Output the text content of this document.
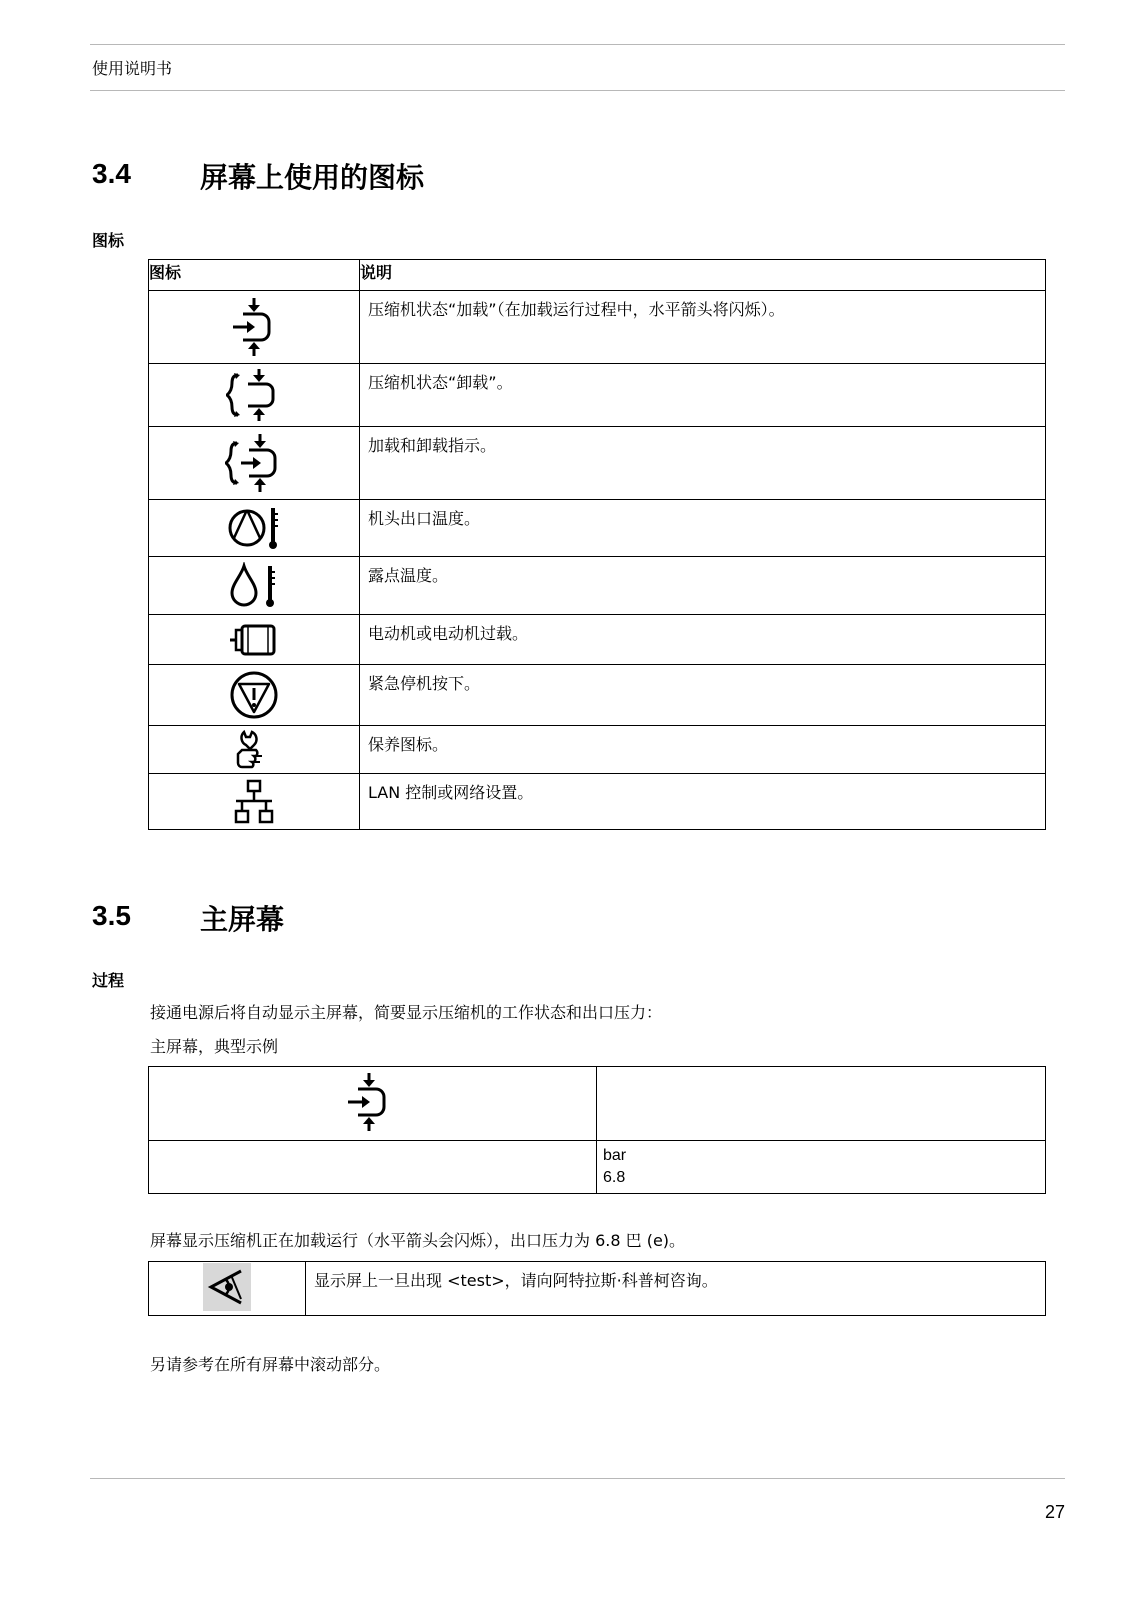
使用说明书
3.4 屏幕上使用的图标
图标
图标	说明
	压缩机状态“加载”（在加载运行过程中，水平箭头将闪烁）。
	压缩机状态“卸载”。
	加载和卸载指示。
	机头出口温度。
	露点温度。
	电动机或电动机过载。
	紧急停机按下。
	保养图标。
	LAN 控制或网络设置。
3.5 主屏幕
过程
接通电源后将自动显示主屏幕，简要显示压缩机的工作状态和出口压力：
主屏幕，典型示例

	bar
6.8
屏幕显示压缩机正在加载运行（水平箭头会闪烁），出口压力为 6.8 巴 (e)。
	显示屏上一旦出现 <test>，请向阿特拉斯·科普柯咨询。
另请参考在所有屏幕中滚动部分。
27
